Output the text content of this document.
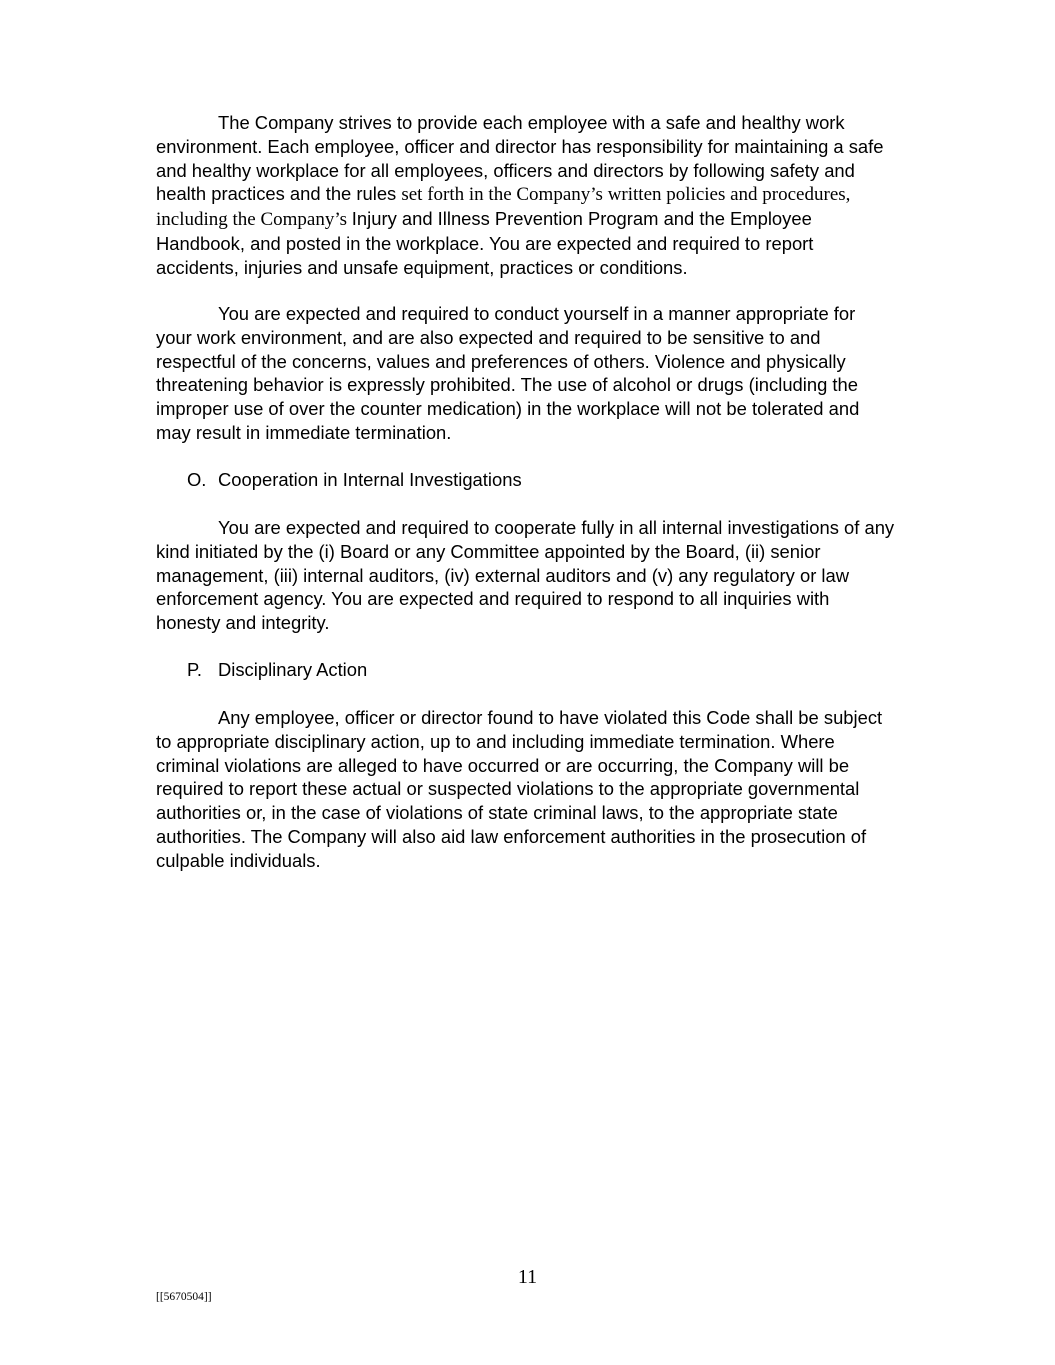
The Company strives to provide each employee with a safe and healthy work environment. Each employee, officer and director has responsibility for maintaining a safe and healthy workplace for all employees, officers and directors by following safety and health practices and the rules set forth in the Company’s written policies and procedures, including the Company’s Injury and Illness Prevention Program and the Employee Handbook, and posted in the workplace. You are expected and required to report accidents, injuries and unsafe equipment, practices or conditions.

You are expected and required to conduct yourself in a manner appropriate for your work environment, and are also expected and required to be sensitive to and respectful of the concerns, values and preferences of others. Violence and physically threatening behavior is expressly prohibited. The use of alcohol or drugs (including the improper use of over the counter medication) in the workplace will not be tolerated and may result in immediate termination.

O. Cooperation in Internal Investigations

You are expected and required to cooperate fully in all internal investigations of any kind initiated by the (i) Board or any Committee appointed by the Board, (ii) senior management, (iii) internal auditors, (iv) external auditors and (v) any regulatory or law enforcement agency. You are expected and required to respond to all inquiries with honesty and integrity.

P. Disciplinary Action

Any employee, officer or director found to have violated this Code shall be subject to appropriate disciplinary action, up to and including immediate termination. Where criminal violations are alleged to have occurred or are occurring, the Company will be required to report these actual or suspected violations to the appropriate governmental authorities or, in the case of violations of state criminal laws, to the appropriate state authorities. The Company will also aid law enforcement authorities in the prosecution of culpable individuals.

11
[[5670504]]
